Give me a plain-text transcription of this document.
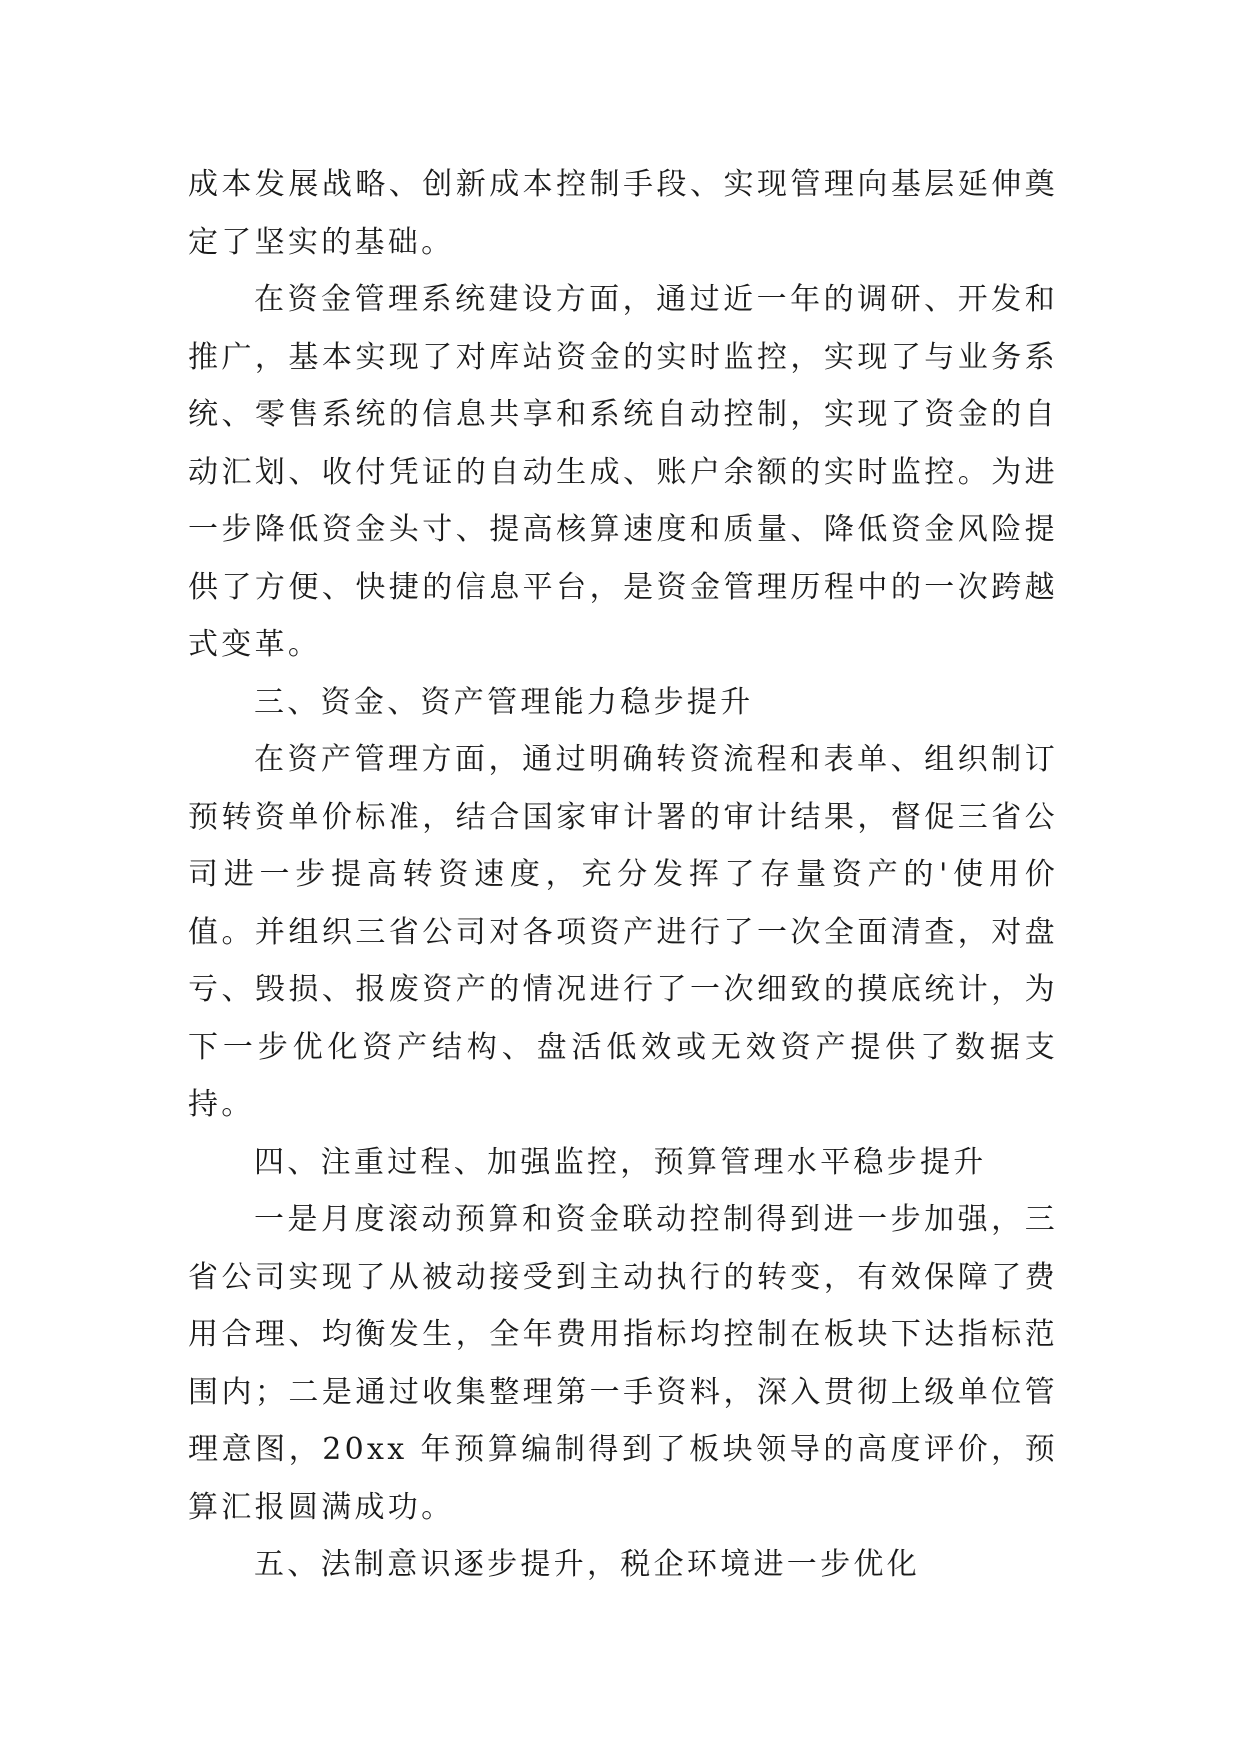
成本发展战略、创新成本控制手段、实现管理向基层延伸奠定了坚实的基础。

在资金管理系统建设方面，通过近一年的调研、开发和推广，基本实现了对库站资金的实时监控，实现了与业务系统、零售系统的信息共享和系统自动控制，实现了资金的自动汇划、收付凭证的自动生成、账户余额的实时监控。为进一步降低资金头寸、提高核算速度和质量、降低资金风险提供了方便、快捷的信息平台，是资金管理历程中的一次跨越式变革。

三、资金、资产管理能力稳步提升

在资产管理方面，通过明确转资流程和表单、组织制订预转资单价标准，结合国家审计署的审计结果，督促三省公司进一步提高转资速度，充分发挥了存量资产的'使用价值。并组织三省公司对各项资产进行了一次全面清查，对盘亏、毁损、报废资产的情况进行了一次细致的摸底统计，为下一步优化资产结构、盘活低效或无效资产提供了数据支持。

四、注重过程、加强监控，预算管理水平稳步提升

一是月度滚动预算和资金联动控制得到进一步加强，三省公司实现了从被动接受到主动执行的转变，有效保障了费用合理、均衡发生，全年费用指标均控制在板块下达指标范围内；二是通过收集整理第一手资料，深入贯彻上级单位管理意图，20xx 年预算编制得到了板块领导的高度评价，预算汇报圆满成功。

五、法制意识逐步提升，税企环境进一步优化
